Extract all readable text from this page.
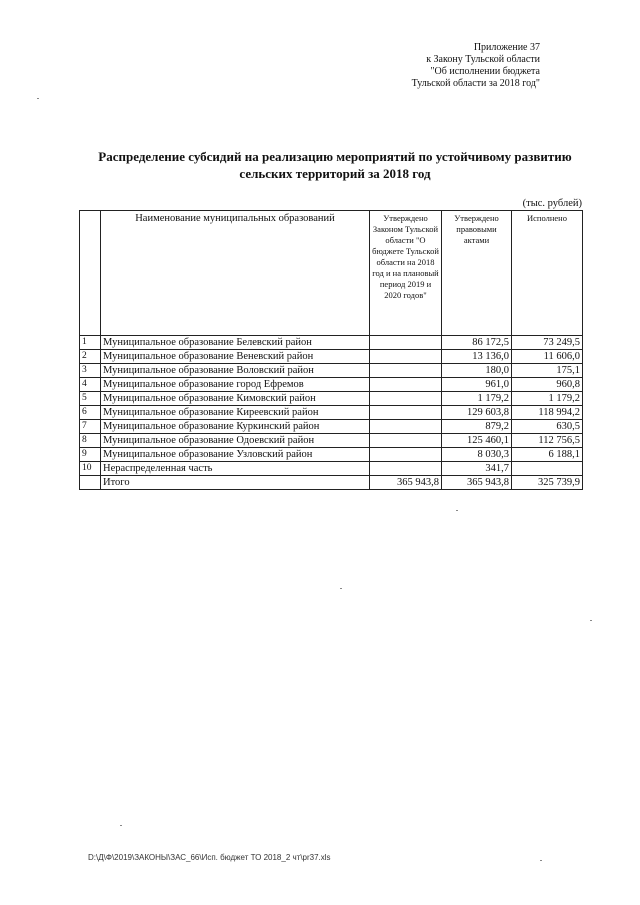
Приложение 37
к Закону Тульской области
"Об исполнении бюджета
Тульской области за 2018 год"
Распределение субсидий на реализацию мероприятий по устойчивому развитию
сельских территорий за 2018 год
(тыс. рублей)
	Наименование муниципальных образований	Утверждено Законом Тульской области "О бюджете Тульской области на 2018 год и на плановый период 2019 и 2020 годов"	Утверждено правовыми актами	Исполнено
1	Муниципальное образование Белевский район		86 172,5	73 249,5
2	Муниципальное образование Веневский район		13 136,0	11 606,0
3	Муниципальное образование Воловский район		180,0	175,1
4	Муниципальное образование город Ефремов		961,0	960,8
5	Муниципальное образование Кимовский район		1 179,2	1 179,2
6	Муниципальное образование Киреевский район		129 603,8	118 994,2
7	Муниципальное образование Куркинский район		879,2	630,5
8	Муниципальное образование Одоевский район		125 460,1	112 756,5
9	Муниципальное образование Узловский район		8 030,3	6 188,1
10	Нераспределенная часть		341,7	
	Итого	365 943,8	365 943,8	325 739,9
D:\Д\Ф\2019\ЗАКОНЫ\ЗАС_66\Исп. бюджет ТО 2018_2 чт\pr37.xls
